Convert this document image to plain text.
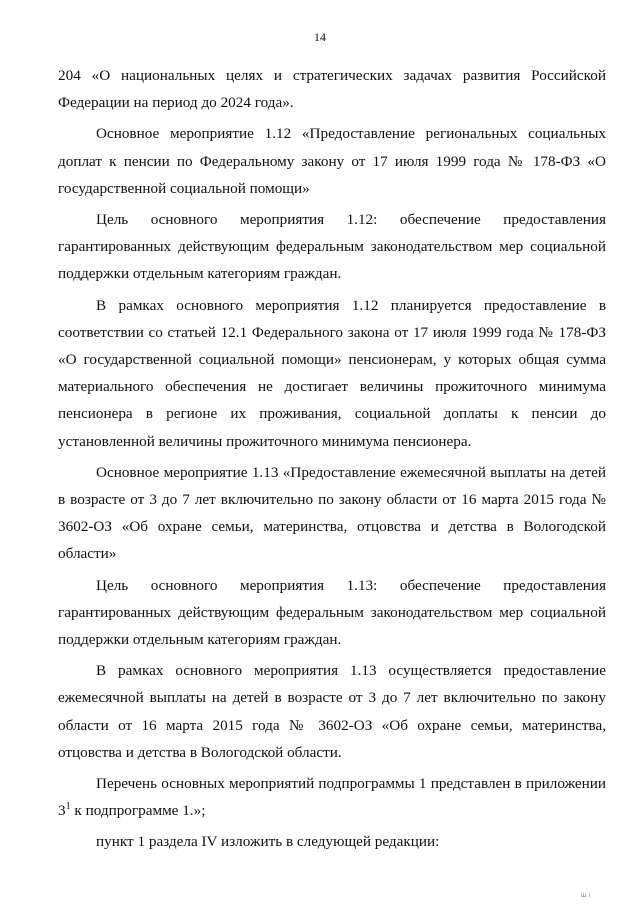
14

204 «О национальных целях и стратегических задачах развития Российской Федерации на период до 2024 года».

Основное мероприятие 1.12 «Предоставление региональных социальных доплат к пенсии по Федеральному закону от 17 июля 1999 года № 178-ФЗ «О государственной социальной помощи»

Цель основного мероприятия 1.12: обеспечение предоставления гарантированных действующим федеральным законодательством мер социальной поддержки отдельным категориям граждан.

В рамках основного мероприятия 1.12 планируется предоставление в соответствии со статьей 12.1 Федерального закона от 17 июля 1999 года № 178-ФЗ «О государственной социальной помощи» пенсионерам, у которых общая сумма материального обеспечения не достигает величины прожиточного минимума пенсионера в регионе их проживания, социальной доплаты к пенсии до установленной величины прожиточного минимума пенсионера.

Основное мероприятие 1.13 «Предоставление ежемесячной выплаты на детей в возрасте от 3 до 7 лет включительно по закону области от 16 марта 2015 года № 3602-ОЗ «Об охране семьи, материнства, отцовства и детства в Вологодской области»

Цель основного мероприятия 1.13: обеспечение предоставления гарантированных действующим федеральным законодательством мер социальной поддержки отдельным категориям граждан.

В рамках основного мероприятия 1.13 осуществляется предоставление ежемесячной выплаты на детей в возрасте от 3 до 7 лет включительно по закону области от 16 марта 2015 года № 3602-ОЗ «Об охране семьи, материнства, отцовства и детства в Вологодской области.

Перечень основных мероприятий подпрограммы 1 представлен в приложении $3^1$ к подпрограмме 1.»;

пункт 1 раздела IV изложить в следующей редакции:

ш і
